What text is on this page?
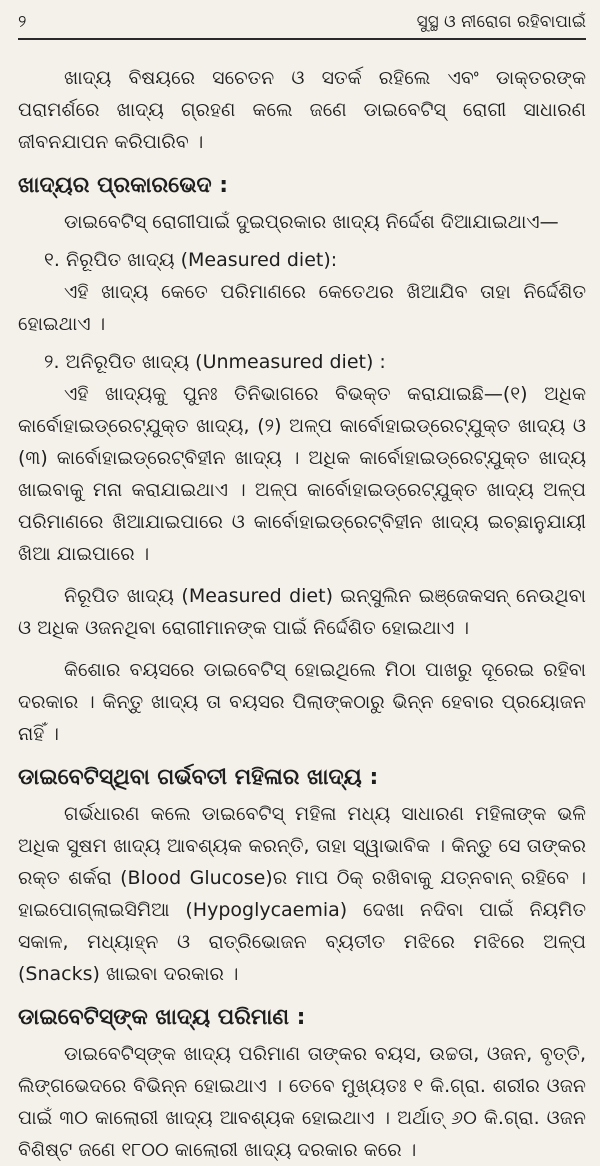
୨	ସୁସ୍ଥ ଓ ନୀରୋଗ ରହିବାପାଇଁ

ଖାଦ୍ୟ ବିଷୟରେ ସଚେତନ ଓ ସତର୍କ ରହିଲେ ଏବଂ ଡାକ୍ତରଙ୍କ ପରାମର୍ଶରେ ଖାଦ୍ୟ ଗ୍ରହଣ କଲେ ଜଣେ ଡାଇବେଟିସ୍ ରୋଗୀ ସାଧାରଣ ଜୀବନଯାପନ କରିପାରିବ ।

ଖାଦ୍ୟର ପ୍ରକାରଭେଦ :

ଡାଇବେଟିସ୍ ରୋଗୀପାଇଁ ଦୁଇପ୍ରକାର ଖାଦ୍ୟ ନିର୍ଦ୍ଦେଶ ଦିଆଯାଇଥାଏ—

୧. ନିରୂପିତ ଖାଦ୍ୟ (Measured diet):

ଏହି ଖାଦ୍ୟ କେତେ ପରିମାଣରେ କେତେଥର ଖିଆଯିବ ତାହା ନିର୍ଦ୍ଦେଶିତ ହୋଇଥାଏ ।

୨. ଅନିରୂପିତ ଖାଦ୍ୟ (Unmeasured diet) :

ଏହି ଖାଦ୍ୟକୁ ପୁନଃ ତିନିଭାଗରେ ବିଭକ୍ତ କରାଯାଇଛି—(୧) ଅଧିକ କାର୍ବୋହାଇଡ୍ରେଟ୍‌ଯୁକ୍ତ ଖାଦ୍ୟ, (୨) ଅଳ୍ପ କାର୍ବୋହାଇଡ୍ରେଟ୍‌ଯୁକ୍ତ ଖାଦ୍ୟ ଓ (୩) କାର୍ବୋହାଇଡ୍ରେଟ୍‌ବିହୀନ ଖାଦ୍ୟ । ଅଧିକ କାର୍ବୋହାଇଡ୍ରେଟ୍‌ଯୁକ୍ତ ଖାଦ୍ୟ ଖାଇବାକୁ ମନା କରାଯାଇଥାଏ । ଅଳ୍ପ କାର୍ବୋହାଇଡ୍ରେଟ୍‌ଯୁକ୍ତ ଖାଦ୍ୟ ଅଳ୍ପ ପରିମାଣରେ ଖିଆଯାଇପାରେ ଓ କାର୍ବୋହାଇଡ୍ରେଟ୍‌ବିହୀନ ଖାଦ୍ୟ ଇଚ୍ଛାନୁଯାୟୀ ଖିଆ ଯାଇପାରେ ।

ନିରୂପିତ ଖାଦ୍ୟ (Measured diet) ଇନ୍‌ସୁଲିନ ଇଞ୍ଜେକସନ୍ ନେଉଥିବା ଓ ଅଧିକ ଓଜନଥିବା ରୋଗୀମାନଙ୍କ ପାଇଁ ନିର୍ଦ୍ଦେଶିତ ହୋଇଥାଏ ।

କିଶୋର ବୟସରେ ଡାଇବେଟିସ୍ ହୋଇଥିଲେ ମିଠା ପାଖରୁ ଦୂରେଇ ରହିବା ଦରକାର । କିନ୍ତୁ ଖାଦ୍ୟ ତା ବୟସର ପିଲାଙ୍କଠାରୁ ଭିନ୍ନ ହେବାର ପ୍ରୟୋଜନ ନାହିଁ ।

ଡାଇବେଟିସ୍‌ଥିବା ଗର୍ଭବତୀ ମହିଳାର ଖାଦ୍ୟ :

ଗର୍ଭଧାରଣ କଲେ ଡାଇବେଟିସ୍ ମହିଳା ମଧ୍ୟ ସାଧାରଣ ମହିଳାଙ୍କ ଭଳି ଅଧିକ ସୁଷମ ଖାଦ୍ୟ ଆବଶ୍ୟକ କରନ୍ତି, ତାହା ସ୍ୱାଭାବିକ । କିନ୍ତୁ ସେ ତାଙ୍କର ରକ୍ତ ଶର୍କରା (Blood Glucose)ର ମାପ ଠିକ୍ ରଖିବାକୁ ଯତ୍ନବାନ୍ ରହିବେ । ହାଇପୋଗ୍ଲାଇସିମିଆ (Hypoglycaemia) ଦେଖା ନଦିବା ପାଇଁ ନିୟମିତ ସକାଳ, ମଧ୍ୟାହ୍ନ ଓ ରାତ୍ରିଭୋଜନ ବ୍ୟତୀତ ମଝିରେ ମଝିରେ ଅଳ୍ପ (Snacks) ଖାଇବା ଦରକାର ।

ଡାଇବେଟିସ୍‌ଙ୍କ ଖାଦ୍ୟ ପରିମାଣ :

ଡାଇବେଟିସ୍‌ଙ୍କ ଖାଦ୍ୟ ପରିମାଣ ତାଙ୍କର ବୟସ, ଉଚ୍ଚତା, ଓଜନ, ବୃତ୍ତି, ଲିଙ୍ଗଭେଦରେ ବିଭିନ୍ନ ହୋଇଥାଏ । ତେବେ ମୁଖ୍ୟତଃ ୧ କି.ଗ୍ରା. ଶରୀର ଓଜନ ପାଇଁ ୩୦ କାଲୋରୀ ଖାଦ୍ୟ ଆବଶ୍ୟକ ହୋଇଥାଏ । ଅର୍ଥାତ୍ ୬୦ କି.ଗ୍ରା. ଓଜନ ବିଶିଷ୍ଟ ଜଣେ ୧୮୦୦ କାଲୋରୀ ଖାଦ୍ୟ ଦରକାର କରେ ।
